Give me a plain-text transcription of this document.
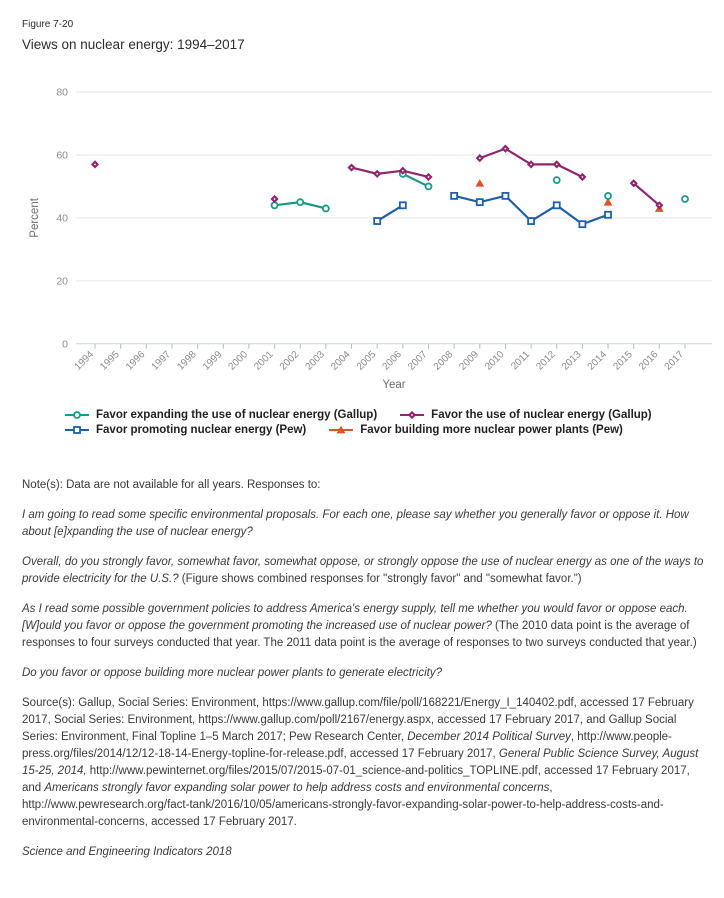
Figure 7-20
Views on nuclear energy: 1994–2017
0
20
40
60
80
1994 1995 1996 1997 1998 1999 2000 2001 2002 2003 2004 2005 2006 2007 2008 2009 2010 2011 2012 2013 2014 2015 2016 2017
Percent
Year
Favor expanding the use of nuclear energy (Gallup)	Favor the use of nuclear energy (Gallup)
Favor promoting nuclear energy (Pew)	Favor building more nuclear power plants (Pew)

Note(s): Data are not available for all years. Responses to:

I am going to read some specific environmental proposals. For each one, please say whether you generally favor or oppose it. How about [e]xpanding the use of nuclear energy?

Overall, do you strongly favor, somewhat favor, somewhat oppose, or strongly oppose the use of nuclear energy as one of the ways to provide electricity for the U.S.? (Figure shows combined responses for "strongly favor" and "somewhat favor.")

As I read some possible government policies to address America's energy supply, tell me whether you would favor or oppose each. [W]ould you favor or oppose the government promoting the increased use of nuclear power? (The 2010 data point is the average of responses to four surveys conducted that year. The 2011 data point is the average of responses to two surveys conducted that year.)

Do you favor or oppose building more nuclear power plants to generate electricity?

Source(s): Gallup, Social Series: Environment, https://www.gallup.com/file/poll/168221/Energy_I_140402.pdf, accessed 17 February 2017, Social Series: Environment, https://www.gallup.com/poll/2167/energy.aspx, accessed 17 February 2017, and Gallup Social Series: Environment, Final Topline 1–5 March 2017; Pew Research Center, December 2014 Political Survey, http://www.people-press.org/files/2014/12/12-18-14-Energy-topline-for-release.pdf, accessed 17 February 2017, General Public Science Survey, August 15-25, 2014, http://www.pewinternet.org/files/2015/07/2015-07-01_science-and-politics_TOPLINE.pdf, accessed 17 February 2017, and Americans strongly favor expanding solar power to help address costs and environmental concerns, http://www.pewresearch.org/fact-tank/2016/10/05/americans-strongly-favor-expanding-solar-power-to-help-address-costs-and-environmental-concerns, accessed 17 February 2017.

Science and Engineering Indicators 2018
